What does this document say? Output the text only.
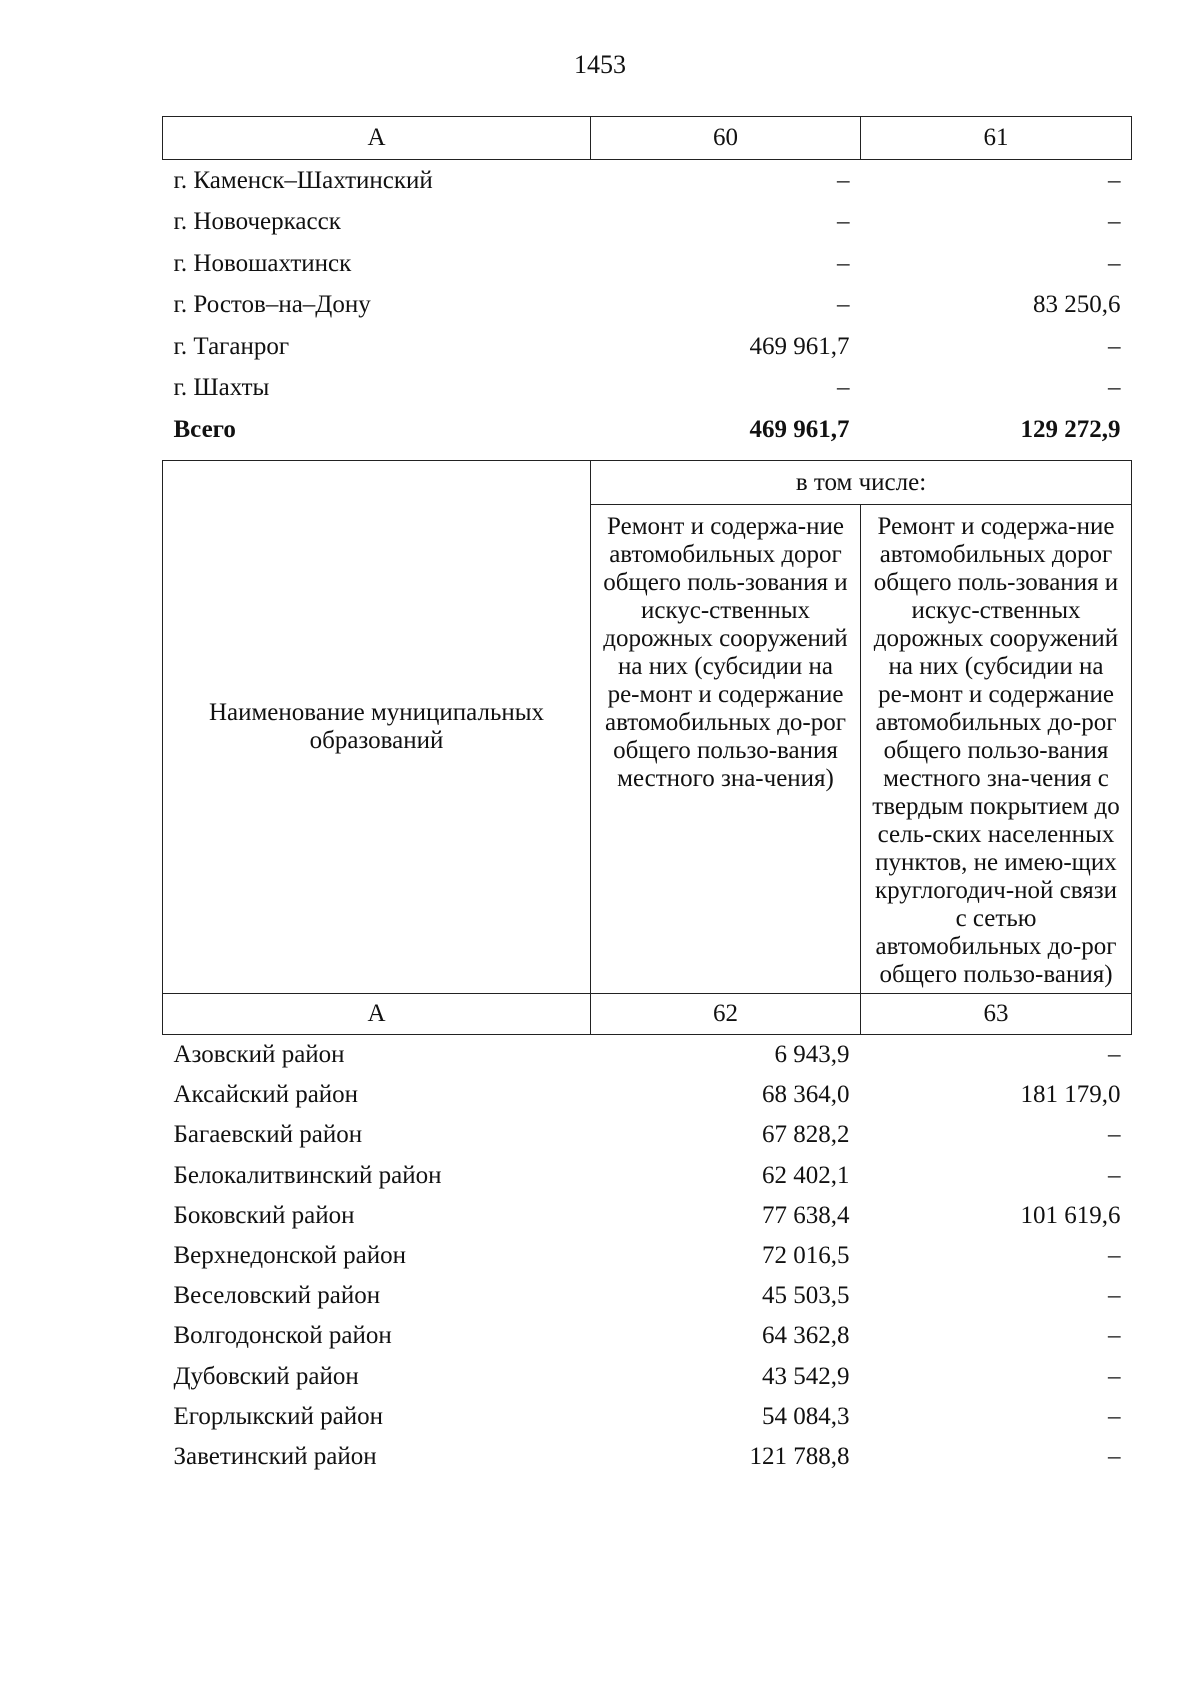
1453
А	60	61
г. Каменск–Шахтинский	–	–
г. Новочеркасск	–	–
г. Новошахтинск	–	–
г. Ростов–на–Дону	–	83 250,6
г. Таганрог	469 961,7	–
г. Шахты	–	–
Всего	469 961,7	129 272,9
Наименование муниципальных образований	в том числе:	
	Ремонт и содержа-ние автомобильных дорог общего поль-зования и искус-ственных дорожных сооружений на них (субсидии на ре-монт и содержание автомобильных до-рог общего пользо-вания местного зна-чения)	Ремонт и содержа-ние автомобильных дорог общего поль-зования и искус-ственных дорожных сооружений на них (субсидии на ре-монт и содержание автомобильных до-рог общего пользо-вания местного зна-чения с твердым покрытием до сель-ских населенных пунктов, не имею-щих круглогодич-ной связи с сетью автомобильных до-рог общего пользо-вания)
А	62	63
Азовский район	6 943,9	–
Аксайский район	68 364,0	181 179,0
Багаевский район	67 828,2	–
Белокалитвинский район	62 402,1	–
Боковский район	77 638,4	101 619,6
Верхнедонской район	72 016,5	–
Веселовский район	45 503,5	–
Волгодонской район	64 362,8	–
Дубовский район	43 542,9	–
Егорлыкский район	54 084,3	–
Заветинский район	121 788,8	–
